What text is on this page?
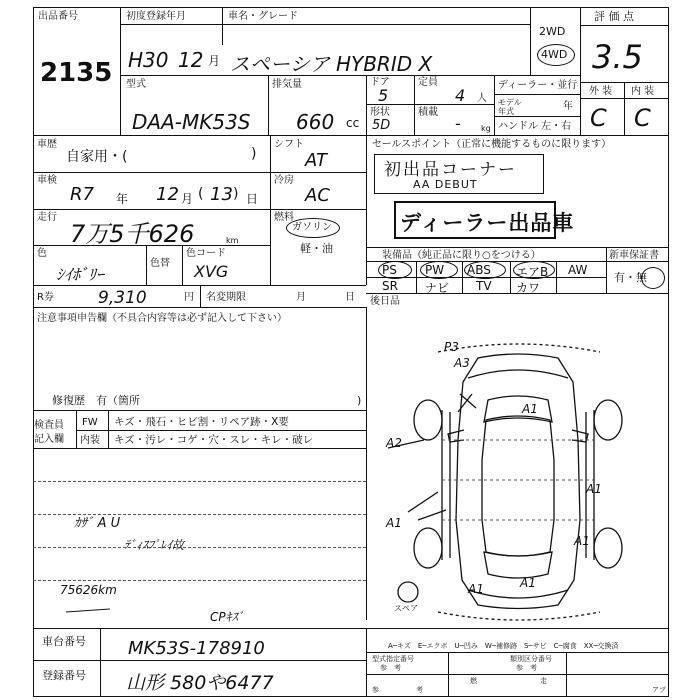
出品番号
2135
初度登録年月
H30 12 月
車名・グレード
スペーシア HYBRID X
2WD
4WD
評 価 点
3.5
外 装 内 装
C C
型式
DAA-MK53S
排気量
660 cc
ドア
5
定員
4 人
形状
5D
積載
-	kg
ディーラー・並行
モデル年式	年
ハンドル 左・右
車歴
自家用・(	)
シフト
AT
車検
R7 年 12 月 ( 13 ) 日
冷房
AC
走行
7万5千626	km
燃料
ガソリン
軽・油
色
ｼｲﾎﾞﾘｰ
色替
色コード
XVG
R券	9,310	円 名変期限	月	日
セールスポイント（正常に機能するものに限ります）
初出品コーナー
AA DEBUT
ディーラー出品車
装備品（純正品に限り○をつける）	新車保証書
PS PW ABS エアB AW
SR ナビ TV カワ
有・無
後日品
注意事項申告欄（不具合内容等は必ず記入して下さい）
修復歴　有（箇所	)
検査員
記入欄
FW キズ・飛石・ヒビ割・リペア跡・X要
内装 キズ・汚レ・コゲ・穴・スレ・キレ・破レ
ｶｻﾞ A U
ﾃﾞｨｽﾌﾟﾚｲ故
75626km
CPｷｽﾞ
P3
A3
A1
A2
A1
A1
A1
A1
A1
スペア
車台番号 MK53S-178910
登録番号 山形 580や6477
A─キズ　E─エクボ　U─凹み　W─補修跡　S─サビ　C─腐食　XX─交換済
型式指定番号
参　考
類別区分番号
参　考
燃	走
参	考	アプ
